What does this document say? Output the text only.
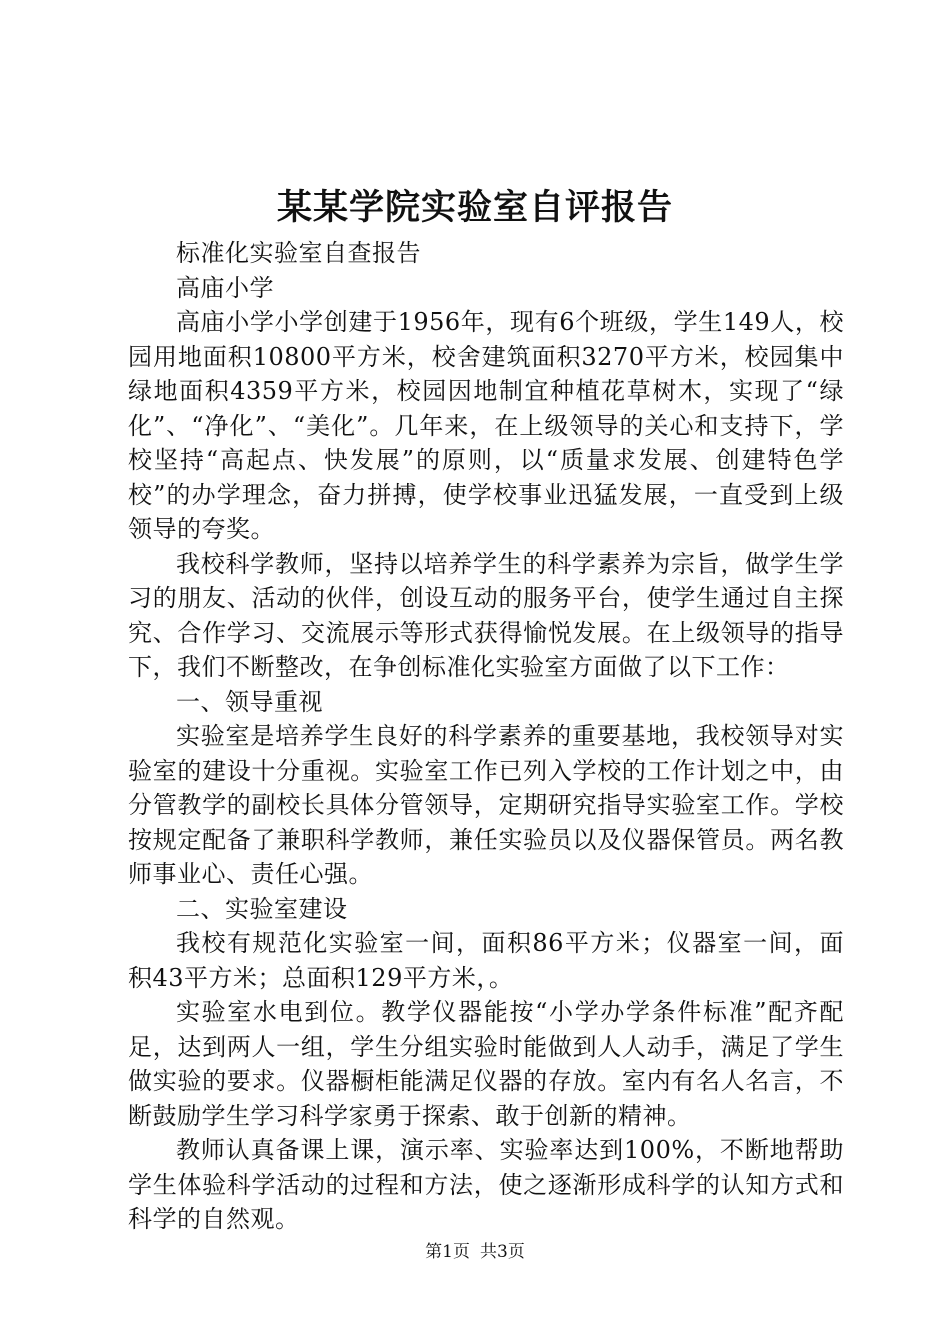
某某学院实验室自评报告

标准化实验室自查报告

高庙小学

高庙小学小学创建于1956年，现有6个班级，学生149人，校园用地面积10800平方米，校舍建筑面积3270平方米，校园集中绿地面积4359平方米，校园因地制宜种植花草树木，实现了“绿化”、“净化”、“美化”。几年来，在上级领导的关心和支持下，学校坚持“高起点、快发展”的原则，以“质量求发展、创建特色学校”的办学理念，奋力拼搏，使学校事业迅猛发展，一直受到上级领导的夸奖。

我校科学教师，坚持以培养学生的科学素养为宗旨，做学生学习的朋友、活动的伙伴，创设互动的服务平台，使学生通过自主探究、合作学习、交流展示等形式获得愉悦发展。在上级领导的指导下，我们不断整改，在争创标准化实验室方面做了以下工作：

一、领导重视

实验室是培养学生良好的科学素养的重要基地，我校领导对实验室的建设十分重视。实验室工作已列入学校的工作计划之中，由分管教学的副校长具体分管领导，定期研究指导实验室工作。学校按规定配备了兼职科学教师，兼任实验员以及仪器保管员。两名教师事业心、责任心强。

二、实验室建设

我校有规范化实验室一间，面积86平方米；仪器室一间，面积43平方米；总面积129平方米，。

实验室水电到位。教学仪器能按“小学办学条件标准”配齐配足，达到两人一组，学生分组实验时能做到人人动手，满足了学生做实验的要求。仪器橱柜能满足仪器的存放。室内有名人名言，不断鼓励学生学习科学家勇于探索、敢于创新的精神。

教师认真备课上课，演示率、实验率达到100%，不断地帮助学生体验科学活动的过程和方法，使之逐渐形成科学的认知方式和科学的自然观。

第1页 共3页
